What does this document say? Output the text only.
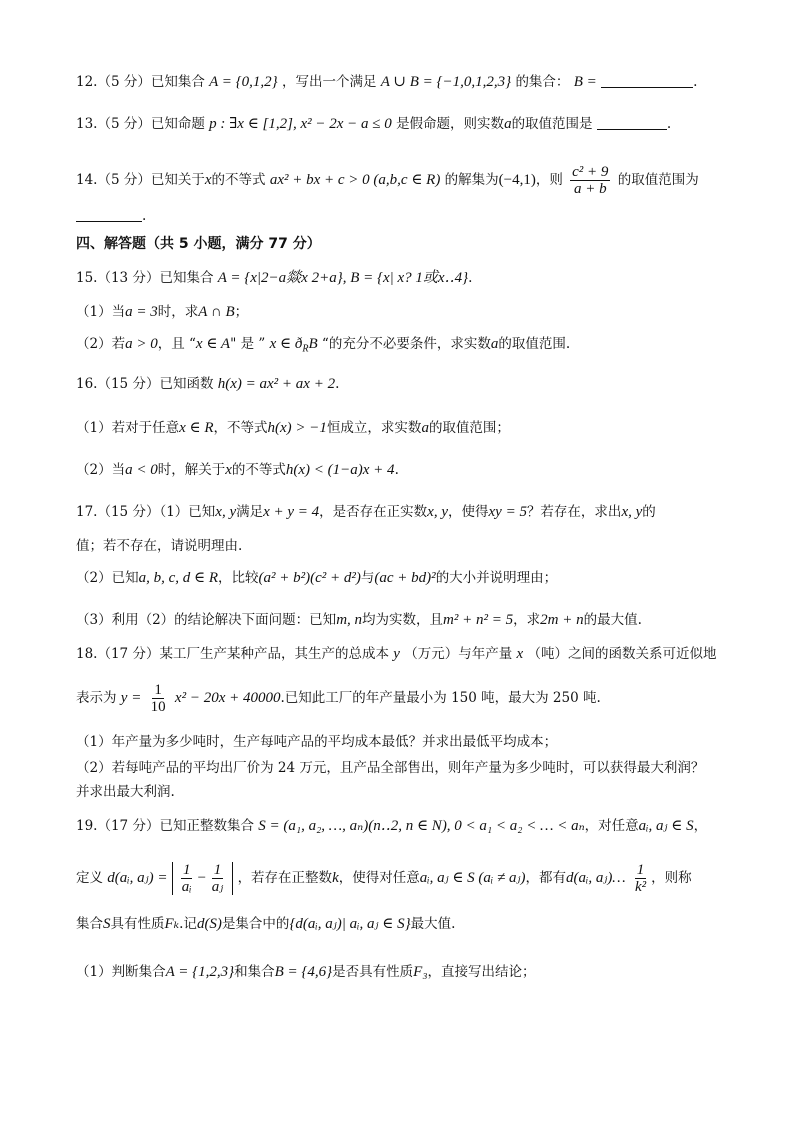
12.（5 分）已知集合 A = {0,1,2} ，写出一个满足 A ∪ B = {−1,0,1,2,3} 的集合： B =	.
13.（5 分）已知命题 p : ∃x ∈ [1,2], x² − 2x − a ≤ 0 是假命题，则实数a的取值范围是	.
14.（5 分）已知关于x的不等式 ax² + bx + c > 0 (a,b,c ∈ R) 的解集为(−4,1)，则 $\frac{\text{c² + 9}}{a + b}$ 的取值范围为
.
四、解答题（共 5 小题，满分 77 分）
15.（13 分）已知集合 A = {x|2−a燚x 2+a}, B = {x| x? 1或x‥4}.
（1）当a = 3时，求A ∩ B；
（2）若a > 0，且 “x ∈ A" 是 ” x ∈ $ð_RB$ “的充分不必要条件，求实数a的取值范围.
16.（15 分）已知函数 h(x) = ax² + ax + 2.
（1）若对于任意x ∈ R，不等式h(x) > −1恒成立，求实数a的取值范围；
（2）当a < 0时，解关于x的不等式h(x) < (1−a)x + 4.
17.（15 分）（1）已知x, y满足x + y = 4，是否存在正实数x, y，使得xy = 5？若存在，求出x, y的
值；若不存在，请说明理由.
（2）已知a, b, c, d ∈ R，比较(a² + b²)(c² + d²)与(ac + bd)²的大小并说明理由；
（3）利用（2）的结论解决下面问题：已知m, n均为实数，且m² + n² = 5，求2m + n的最大值.
18.（17 分）某工厂生产某种产品，其生产的总成本 y （万元）与年产量 x （吨）之间的函数关系可近似地
表示为 $y = \frac{1}{10} x^2 - 20x + 40000$.已知此工厂的年产量最小为 150 吨，最大为 250 吨.
（1）年产量为多少吨时，生产每吨产品的平均成本最低？并求出最低平均成本；
（2）若每吨产品的平均出厂价为 24 万元，且产品全部售出，则年产量为多少吨时，可以获得最大利润？
并求出最大利润.
19.（17 分）已知正整数集合 S = (a₁, a₂, …, aₙ)(n‥2, n ∈ N), 0 < a₁ < a₂ < … < aₙ，对任意aᵢ, aⱼ ∈ S，
定义 d(aᵢ, aⱼ) = $\frac{1}{\text{aᵢ}} - \frac{1}{\text{aⱼ}}$ ，若存在正整数k，使得对任意aᵢ, aⱼ ∈ S (aᵢ ≠ aⱼ)，都有d(aᵢ, aⱼ)… $\frac{1}{\text{k²}}$ ，则称
集合S具有性质Fₖ.记d(S)是集合中的{d(aᵢ, aⱼ)| aᵢ, aⱼ ∈ S}最大值.
（1）判断集合A = {1,2,3}和集合B = {4,6}是否具有性质F₃，直接写出结论；
